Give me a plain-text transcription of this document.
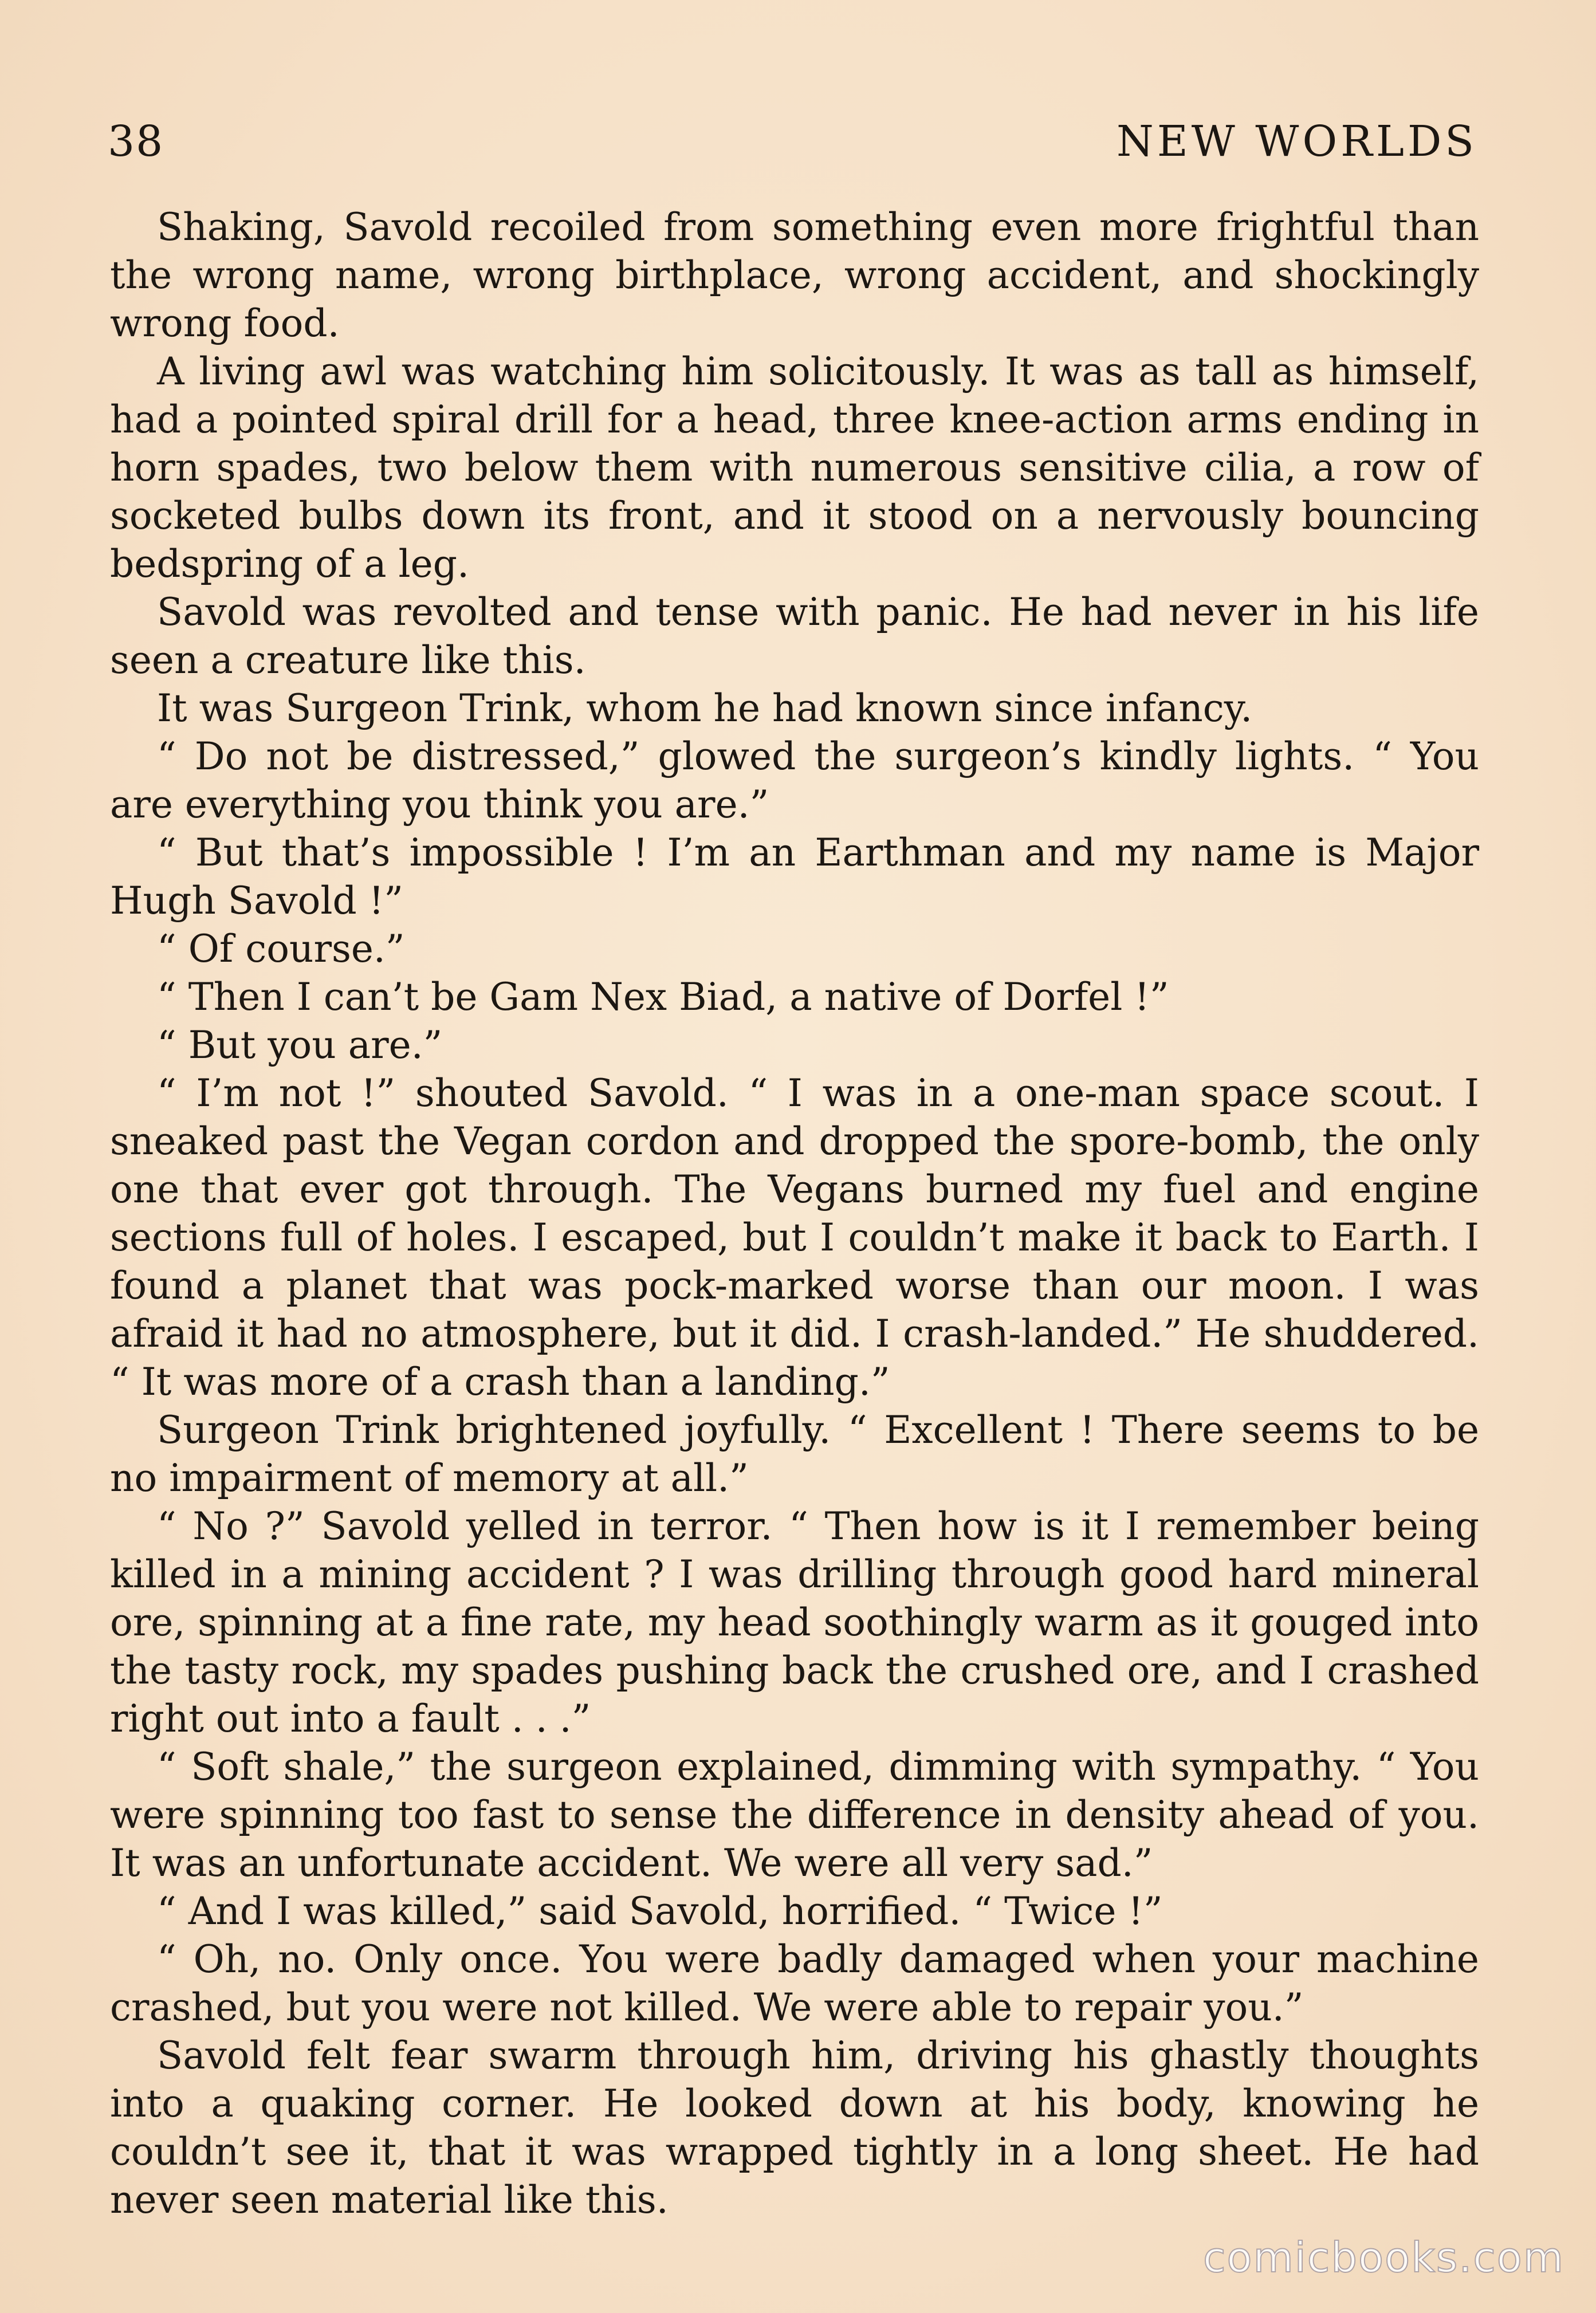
38	NEW WORLDS

Shaking, Savold recoiled from something even more frightful than the wrong name, wrong birthplace, wrong accident, and shockingly wrong food.

A living awl was watching him solicitously. It was as tall as himself, had a pointed spiral drill for a head, three knee-action arms ending in horn spades, two below them with numerous sensitive cilia, a row of socketed bulbs down its front, and it stood on a nervously bouncing bedspring of a leg.

Savold was revolted and tense with panic. He had never in his life seen a creature like this.

It was Surgeon Trink, whom he had known since infancy.

“ Do not be distressed,” glowed the surgeon’s kindly lights. “ You are everything you think you are.”

“ But that’s impossible ! I’m an Earthman and my name is Major Hugh Savold !”

“ Of course.”

“ Then I can’t be Gam Nex Biad, a native of Dorfel !”

“ But you are.”

“ I’m not !” shouted Savold. “ I was in a one-man space scout. I sneaked past the Vegan cordon and dropped the spore-bomb, the only one that ever got through. The Vegans burned my fuel and engine sections full of holes. I escaped, but I couldn’t make it back to Earth. I found a planet that was pock-marked worse than our moon. I was afraid it had no atmosphere, but it did. I crash-landed.” He shuddered. “ It was more of a crash than a landing.”

Surgeon Trink brightened joyfully. “ Excellent ! There seems to be no impairment of memory at all.”

“ No ?” Savold yelled in terror. “ Then how is it I remember being killed in a mining accident ? I was drilling through good hard mineral ore, spinning at a fine rate, my head soothingly warm as it gouged into the tasty rock, my spades pushing back the crushed ore, and I crashed right out into a fault . . .”

“ Soft shale,” the surgeon explained, dimming with sympathy. “ You were spinning too fast to sense the difference in density ahead of you. It was an unfortunate accident. We were all very sad.”

“ And I was killed,” said Savold, horrified. “ Twice !”

“ Oh, no. Only once. You were badly damaged when your machine crashed, but you were not killed. We were able to repair you.”

Savold felt fear swarm through him, driving his ghastly thoughts into a quaking corner. He looked down at his body, knowing he couldn’t see it, that it was wrapped tightly in a long sheet. He had never seen material like this.

comicbooks.com
